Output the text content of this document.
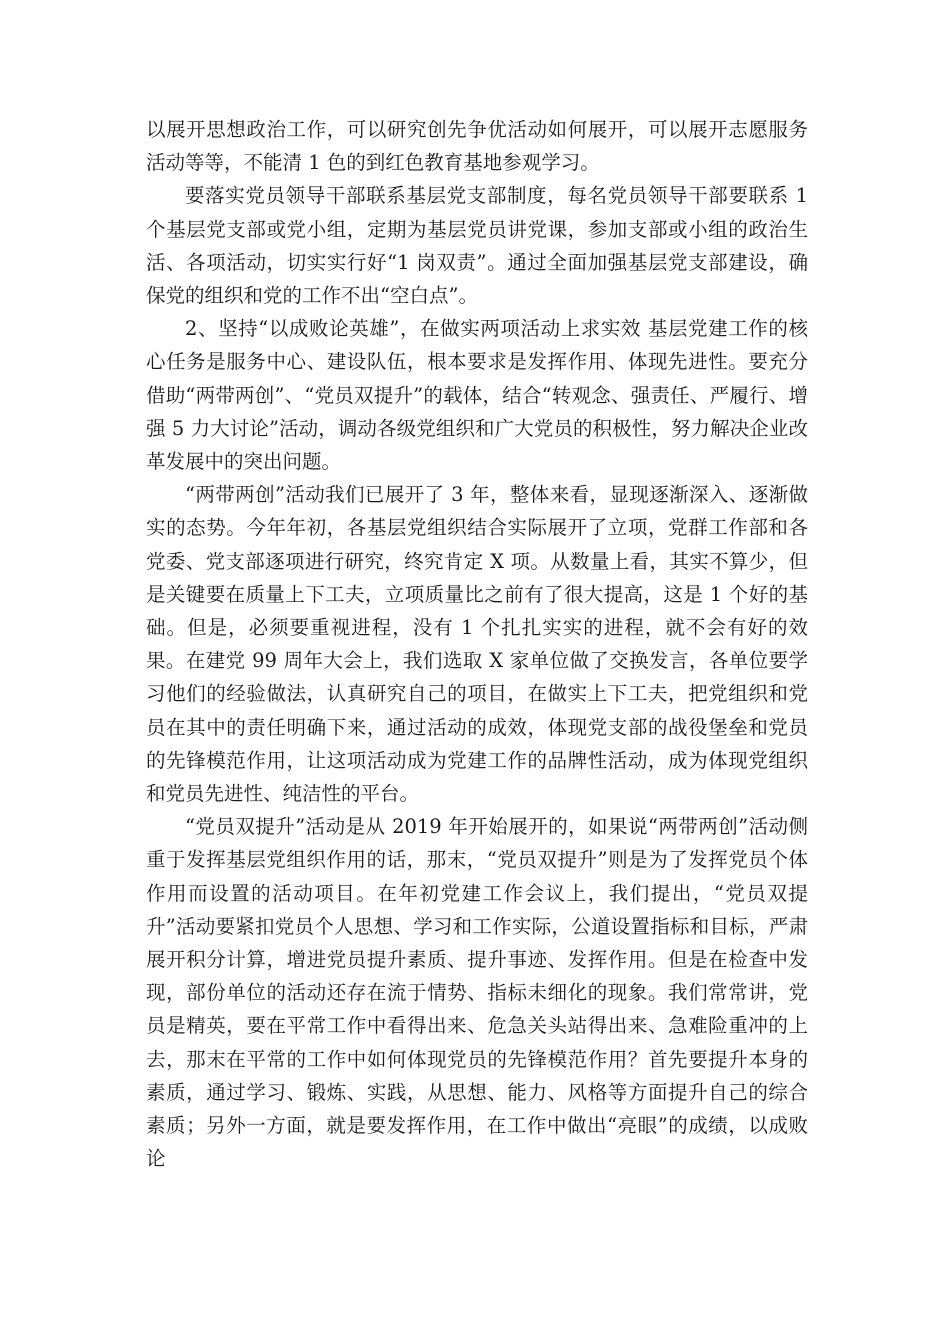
以展开思想政治工作，可以研究创先争优活动如何展开，可以展开志愿服务活动等等，不能清 1 色的到红色教育基地参观学习。

要落实党员领导干部联系基层党支部制度，每名党员领导干部要联系 1 个基层党支部或党小组，定期为基层党员讲党课，参加支部或小组的政治生活、各项活动，切实实行好“1 岗双责”。通过全面加强基层党支部建设，确保党的组织和党的工作不出“空白点”。

2、坚持“以成败论英雄”，在做实两项活动上求实效 基层党建工作的核心任务是服务中心、建设队伍，根本要求是发挥作用、体现先进性。要充分借助“两带两创”、“党员双提升”的载体，结合“转观念、强责任、严履行、增强 5 力大讨论”活动，调动各级党组织和广大党员的积极性，努力解决企业改革发展中的突出问题。

“两带两创”活动我们已展开了 3 年，整体来看，显现逐渐深入、逐渐做实的态势。今年年初，各基层党组织结合实际展开了立项，党群工作部和各党委、党支部逐项进行研究，终究肯定 X 项。从数量上看，其实不算少，但是关键要在质量上下工夫，立项质量比之前有了很大提高，这是 1 个好的基础。但是，必须要重视进程，没有 1 个扎扎实实的进程，就不会有好的效果。在建党 99 周年大会上，我们选取 X 家单位做了交换发言，各单位要学习他们的经验做法，认真研究自己的项目，在做实上下工夫，把党组织和党员在其中的责任明确下来，通过活动的成效，体现党支部的战役堡垒和党员的先锋模范作用，让这项活动成为党建工作的品牌性活动，成为体现党组织和党员先进性、纯洁性的平台。

“党员双提升”活动是从 2019 年开始展开的，如果说“两带两创”活动侧重于发挥基层党组织作用的话，那末，“党员双提升”则是为了发挥党员个体作用而设置的活动项目。在年初党建工作会议上，我们提出，“党员双提升”活动要紧扣党员个人思想、学习和工作实际，公道设置指标和目标，严肃展开积分计算，增进党员提升素质、提升事迹、发挥作用。但是在检查中发现，部份单位的活动还存在流于情势、指标未细化的现象。我们常常讲，党员是精英，要在平常工作中看得出来、危急关头站得出来、急难险重冲的上去，那末在平常的工作中如何体现党员的先锋模范作用？首先要提升本身的素质，通过学习、锻炼、实践，从思想、能力、风格等方面提升自己的综合素质；另外一方面，就是要发挥作用，在工作中做出“亮眼”的成绩，以成败论
